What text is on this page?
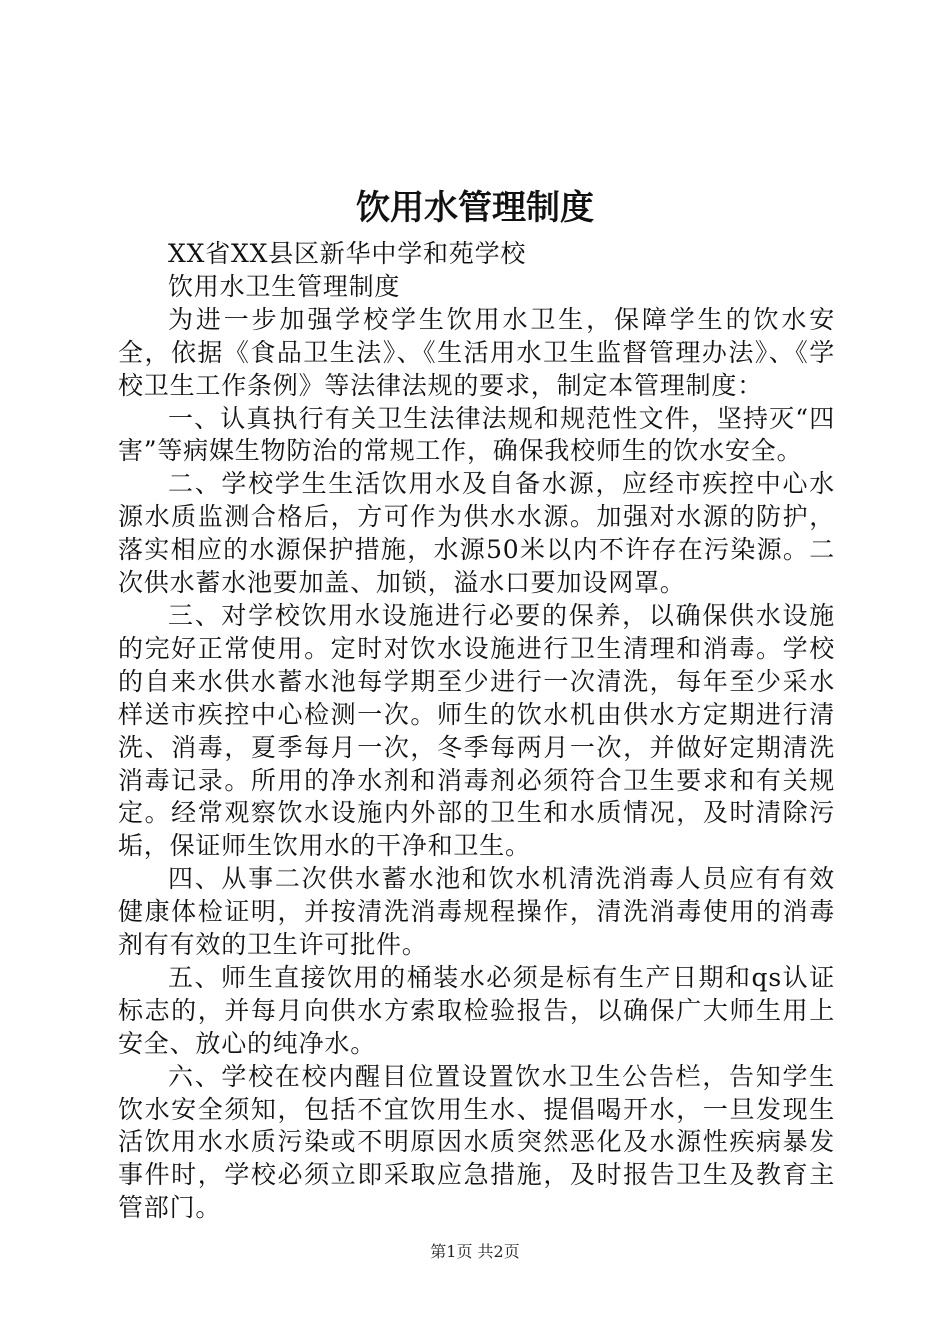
饮用水管理制度

XX省XX县区新华中学和苑学校

饮用水卫生管理制度

为进一步加强学校学生饮用水卫生，保障学生的饮水安全，依据《食品卫生法》、《生活用水卫生监督管理办法》、《学校卫生工作条例》等法律法规的要求，制定本管理制度：

一、认真执行有关卫生法律法规和规范性文件，坚持灭“四害”等病媒生物防治的常规工作，确保我校师生的饮水安全。

二、学校学生生活饮用水及自备水源，应经市疾控中心水源水质监测合格后，方可作为供水水源。加强对水源的防护，落实相应的水源保护措施，水源50米以内不许存在污染源。二次供水蓄水池要加盖、加锁，溢水口要加设网罩。

三、对学校饮用水设施进行必要的保养，以确保供水设施的完好正常使用。定时对饮水设施进行卫生清理和消毒。学校的自来水供水蓄水池每学期至少进行一次清洗，每年至少采水样送市疾控中心检测一次。师生的饮水机由供水方定期进行清洗、消毒，夏季每月一次，冬季每两月一次，并做好定期清洗消毒记录。所用的净水剂和消毒剂必须符合卫生要求和有关规定。经常观察饮水设施内外部的卫生和水质情况，及时清除污垢，保证师生饮用水的干净和卫生。

四、从事二次供水蓄水池和饮水机清洗消毒人员应有有效健康体检证明，并按清洗消毒规程操作，清洗消毒使用的消毒剂有有效的卫生许可批件。

五、师生直接饮用的桶装水必须是标有生产日期和qs认证标志的，并每月向供水方索取检验报告，以确保广大师生用上安全、放心的纯净水。

六、学校在校内醒目位置设置饮水卫生公告栏，告知学生饮水安全须知，包括不宜饮用生水、提倡喝开水，一旦发现生活饮用水水质污染或不明原因水质突然恶化及水源性疾病暴发事件时，学校必须立即采取应急措施，及时报告卫生及教育主管部门。

第1页 共2页
